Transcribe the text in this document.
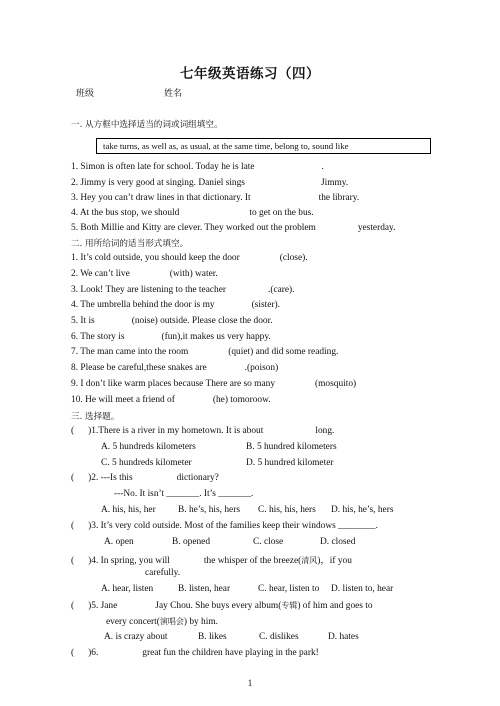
七年级英语练习（四）
班级	姓名
一. 从方框中选择适当的词或词组填空。
take turns, as well as, as usual, at the same time, belong to, sound like
1. Simon is often late for school. Today he is late	.
2. Jimmy is very good at singing. Daniel sings	Jimmy.
3. Hey you can’t draw lines in that dictionary. It	the library.
4. At the bus stop, we should	to get on the bus.
5. Both Millie and Kitty are clever. They worked out the problem	yesterday.
二. 用所给词的适当形式填空。
1. It’s cold outside, you should keep the door	(close).
2. We can’t live	(with) water.
3. Look! They are listening to the teacher	.(care).
4. The umbrella behind the door is my	(sister).
5. It is	(noise) outside. Please close the door.
6. The story is	(fun),it makes us very happy.
7. The man came into the room	(quiet) and did some reading.
8. Please be careful,these snakes are	.(poison)
9. I don’t like warm places because There are so many	(mosquito)
10. He will meet a friend of	(he) tomoroow.
三. 选择题。
( )1.There is a river in my hometown. It is about	long.
A. 5 hundreds kilometers	B. 5 hundred kilometers
C. 5 hundreds kilometer	D. 5 hundred kilometer
( )2. ---Is this	dictionary?
---No. It isn’t _______. It’s _______.
A. his, his, her B. he’s, his, hers C. his, his, hers D. his, he’s, hers
( )3. It’s very cold outside. Most of the families keep their windows ________.
A. open	B. opened	C. close	D. closed
( )4. In spring, you will	the whisper of the breeze(清风)，if you
carefully.
A. hear, listen	B. listen, hear	C. hear, listen to D. listen to, hear
( )5. Jane	Jay Chou. She buys every album(专辑) of him and goes to
every concert(演唱会) by him.
A. is crazy about	B. likes	C. dislikes	D. hates
( )6.	great fun the children have playing in the park!
1
